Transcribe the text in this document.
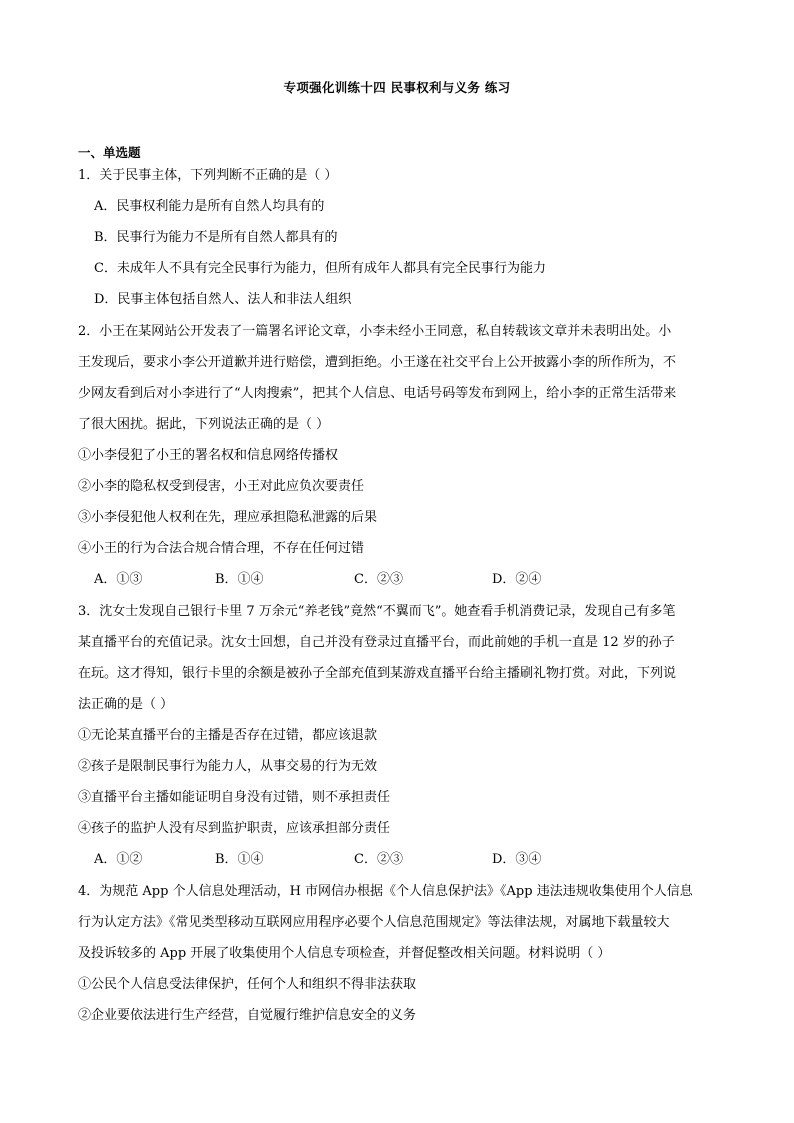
专项强化训练十四 民事权利与义务 练习
一、单选题
1．关于民事主体，下列判断不正确的是（ ）
A．民事权利能力是所有自然人均具有的
B．民事行为能力不是所有自然人都具有的
C．未成年人不具有完全民事行为能力，但所有成年人都具有完全民事行为能力
D．民事主体包括自然人、法人和非法人组织
2．小王在某网站公开发表了一篇署名评论文章，小李未经小王同意，私自转载该文章并未表明出处。小
王发现后，要求小李公开道歉并进行赔偿，遭到拒绝。小王遂在社交平台上公开披露小李的所作所为，不
少网友看到后对小李进行了“人肉搜索”，把其个人信息、电话号码等发布到网上，给小李的正常生活带来
了很大困扰。据此，下列说法正确的是（ ）
①小李侵犯了小王的署名权和信息网络传播权
②小李的隐私权受到侵害，小王对此应负次要责任
③小李侵犯他人权利在先，理应承担隐私泄露的后果
④小王的行为合法合规合情合理，不存在任何过错
A．①③	B．①④	C．②③	D．②④
3．沈女士发现自己银行卡里 7 万余元“养老钱”竟然“不翼而飞”。她查看手机消费记录，发现自己有多笔
某直播平台的充值记录。沈女士回想，自己并没有登录过直播平台，而此前她的手机一直是 12 岁的孙子
在玩。这才得知，银行卡里的余额是被孙子全部充值到某游戏直播平台给主播刷礼物打赏。对此，下列说
法正确的是（ ）
①无论某直播平台的主播是否存在过错，都应该退款
②孩子是限制民事行为能力人，从事交易的行为无效
③直播平台主播如能证明自身没有过错，则不承担责任
④孩子的监护人没有尽到监护职责，应该承担部分责任
A．①②	B．①④	C．②③	D．③④
4．为规范 App 个人信息处理活动，H 市网信办根据《个人信息保护法》《App 违法违规收集使用个人信息
行为认定方法》《常见类型移动互联网应用程序必要个人信息范围规定》等法律法规，对属地下载量较大
及投诉较多的 App 开展了收集使用个人信息专项检查，并督促整改相关问题。材料说明（ ）
①公民个人信息受法律保护，任何个人和组织不得非法获取
②企业要依法进行生产经营，自觉履行维护信息安全的义务
